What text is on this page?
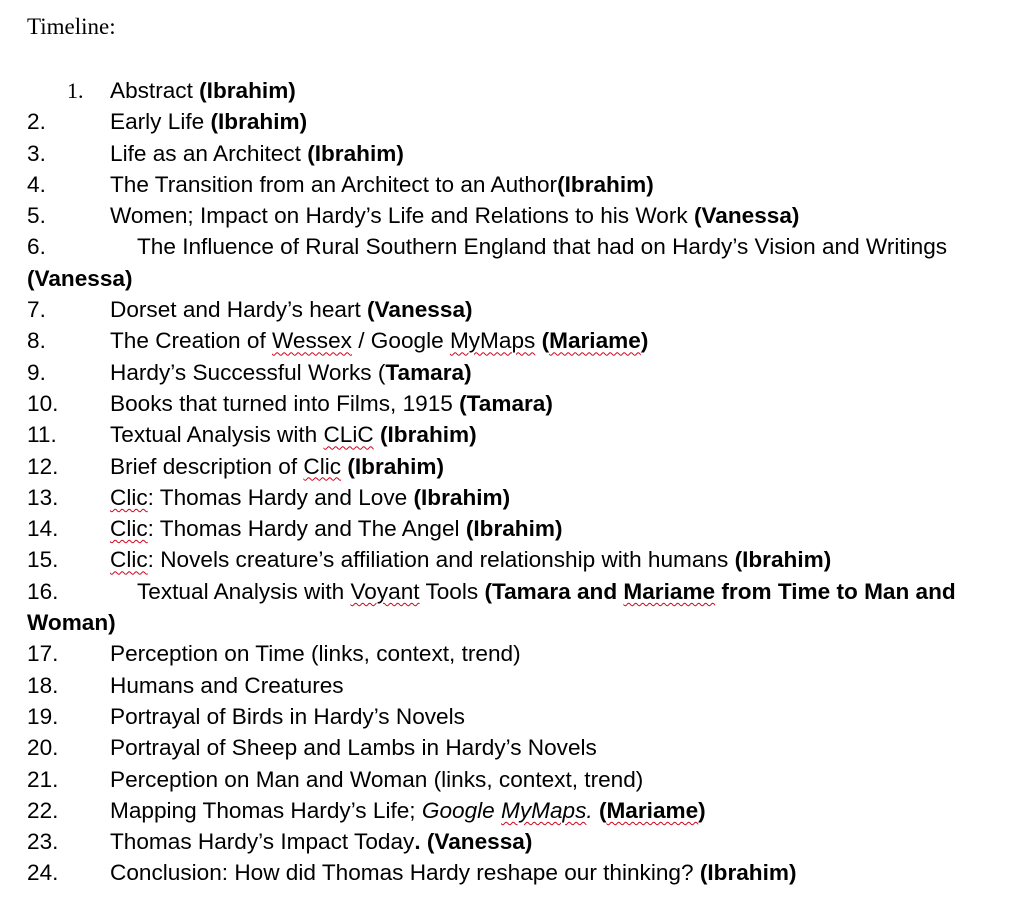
Timeline:

1. Abstract (Ibrahim)
2.	Early Life (Ibrahim)
3.	Life as an Architect (Ibrahim)
4.	The Transition from an Architect to an Author(Ibrahim)
5.	Women; Impact on Hardy’s Life and Relations to his Work (Vanessa)
6.	The Influence of Rural Southern England that had on Hardy’s Vision and Writings (Vanessa)
7.	Dorset and Hardy’s heart (Vanessa)
8.	The Creation of Wessex / Google MyMaps (Mariame)
9.	Hardy’s Successful Works (Tamara)
10. Books that turned into Films, 1915 (Tamara)
11. Textual Analysis with CLiC (Ibrahim)
12. Brief description of Clic (Ibrahim)
13. Clic: Thomas Hardy and Love (Ibrahim)
14. Clic: Thomas Hardy and The Angel (Ibrahim)
15. Clic: Novels creature’s affiliation and relationship with humans (Ibrahim)
16.	Textual Analysis with Voyant Tools (Tamara and Mariame from Time to Man and Woman)
17. Perception on Time (links, context, trend)
18. Humans and Creatures
19. Portrayal of Birds in Hardy’s Novels
20. Portrayal of Sheep and Lambs in Hardy’s Novels
21. Perception on Man and Woman (links, context, trend)
22. Mapping Thomas Hardy’s Life; Google MyMaps. (Mariame)
23. Thomas Hardy’s Impact Today. (Vanessa)
24. Conclusion: How did Thomas Hardy reshape our thinking? (Ibrahim)
